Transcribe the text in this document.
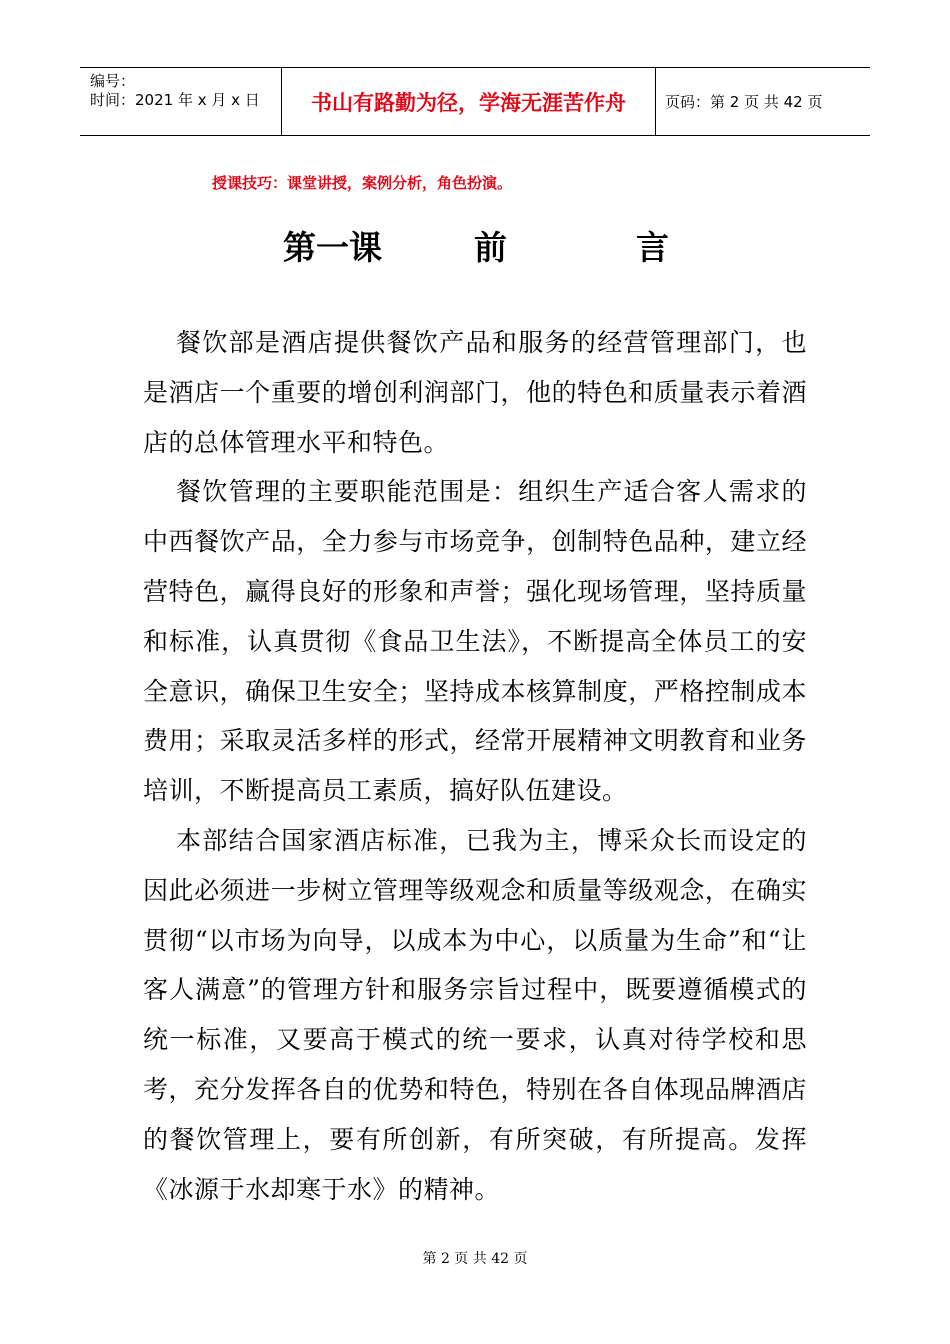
编号：
时间：2021 年 x 月 x 日	书山有路勤为径，学海无涯苦作舟	页码：第 2 页 共 42 页
授课技巧：课堂讲授，案例分析，角色扮演。
第一课	前	言

餐饮部是酒店提供餐饮产品和服务的经营管理部门，也是酒店一个重要的增创利润部门，他的特色和质量表示着酒店的总体管理水平和特色。

餐饮管理的主要职能范围是：组织生产适合客人需求的中西餐饮产品，全力参与市场竞争，创制特色品种，建立经营特色，赢得良好的形象和声誉；强化现场管理，坚持质量和标准，认真贯彻《食品卫生法》，不断提高全体员工的安全意识，确保卫生安全；坚持成本核算制度，严格控制成本费用；采取灵活多样的形式，经常开展精神文明教育和业务培训，不断提高员工素质，搞好队伍建设。

本部结合国家酒店标准，已我为主，博采众长而设定的因此必须进一步树立管理等级观念和质量等级观念，在确实贯彻“以市场为向导，以成本为中心，以质量为生命”和“让客人满意”的管理方针和服务宗旨过程中，既要遵循模式的统一标准，又要高于模式的统一要求，认真对待学校和思考，充分发挥各自的优势和特色，特别在各自体现品牌酒店的餐饮管理上，要有所创新，有所突破，有所提高。发挥《冰源于水却寒于水》的精神。

第 2 页 共 42 页
